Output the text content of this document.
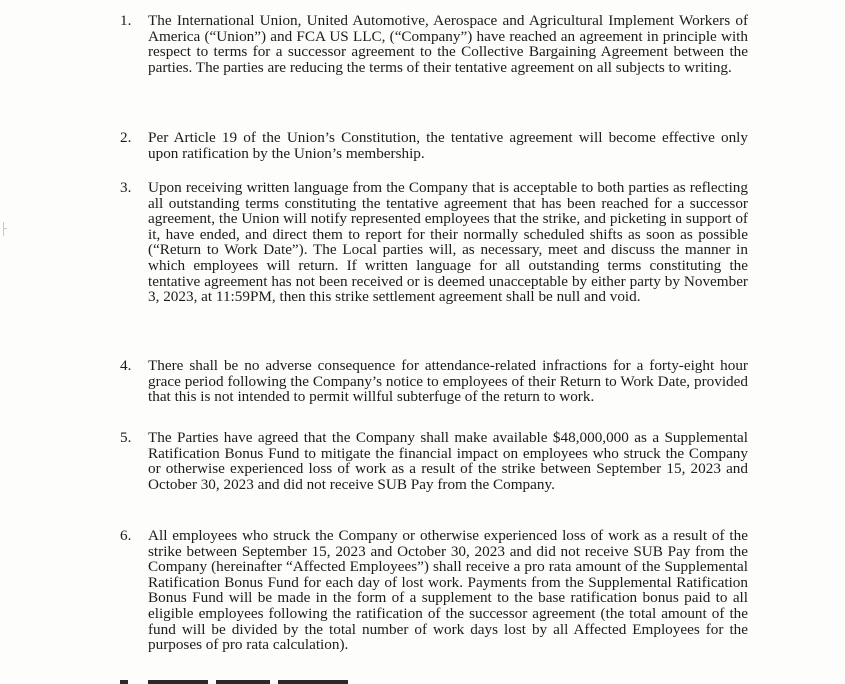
1.	The International Union, United Automotive, Aerospace and Agricultural Implement Workers of America (“Union”) and FCA US LLC, (“Company”) have reached an agreement in principle with respect to terms for a successor agreement to the Collective Bargaining Agreement between the parties. The parties are reducing the terms of their tentative agreement on all subjects to writing.
2.	Per Article 19 of the Union’s Constitution, the tentative agreement will become effective only upon ratification by the Union’s membership.
3.	Upon receiving written language from the Company that is acceptable to both parties as reflecting all outstanding terms constituting the tentative agreement that has been reached for a successor agreement, the Union will notify represented employees that the strike, and picketing in support of it, have ended, and direct them to report for their normally scheduled shifts as soon as possible (“Return to Work Date”). The Local parties will, as necessary, meet and discuss the manner in which employees will return. If written language for all outstanding terms constituting the tentative agreement has not been received or is deemed unacceptable by either party by November 3, 2023, at 11:59PM, then this strike settlement agreement shall be null and void.
4.	There shall be no adverse consequence for attendance-related infractions for a forty-eight hour grace period following the Company’s notice to employees of their Return to Work Date, provided that this is not intended to permit willful subterfuge of the return to work.
5.	The Parties have agreed that the Company shall make available $48,000,000 as a Supplemental Ratification Bonus Fund to mitigate the financial impact on employees who struck the Company or otherwise experienced loss of work as a result of the strike between September 15, 2023 and October 30, 2023 and did not receive SUB Pay from the Company.
6.	All employees who struck the Company or otherwise experienced loss of work as a result of the strike between September 15, 2023 and October 30, 2023 and did not receive SUB Pay from the Company (hereinafter “Affected Employees”) shall receive a pro rata amount of the Supplemental Ratification Bonus Fund for each day of lost work. Payments from the Supplemental Ratification Bonus Fund will be made in the form of a supplement to the base ratification bonus paid to all eligible employees following the ratification of the successor agreement (the total amount of the fund will be divided by the total number of work days lost by all Affected Employees for the purposes of pro rata calculation).
